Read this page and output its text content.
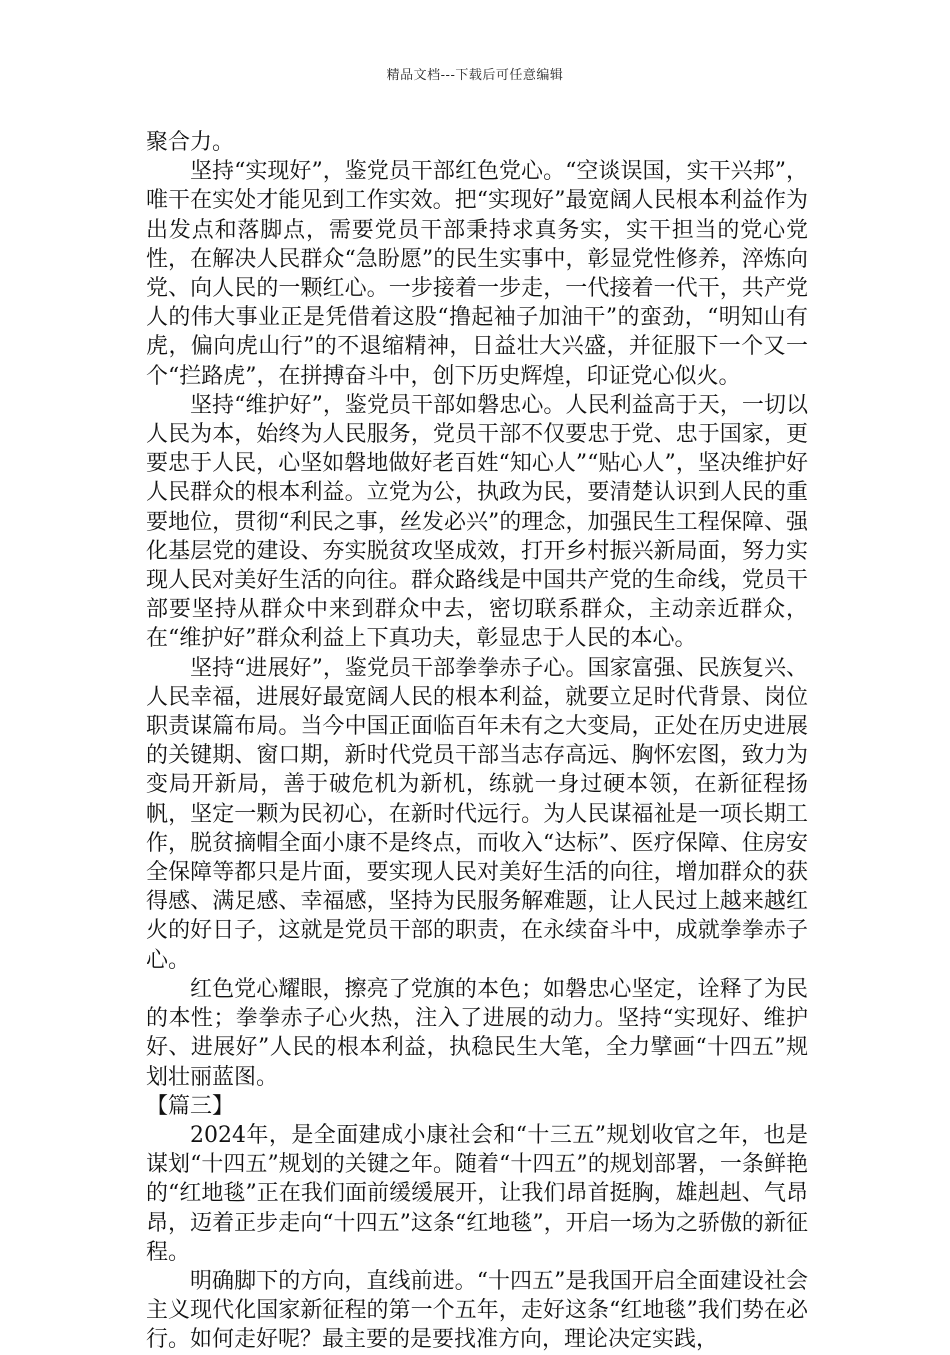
精品文档---下载后可任意编辑

聚合力。

坚持“实现好”，鉴党员干部红色党心。“空谈误国，实干兴邦”，唯干在实处才能见到工作实效。把“实现好”最宽阔人民根本利益作为出发点和落脚点，需要党员干部秉持求真务实，实干担当的党心党性，在解决人民群众“急盼愿”的民生实事中，彰显党性修养，淬炼向党、向人民的一颗红心。一步接着一步走，一代接着一代干，共产党人的伟大事业正是凭借着这股“撸起袖子加油干”的蛮劲，“明知山有虎，偏向虎山行”的不退缩精神，日益壮大兴盛，并征服下一个又一个“拦路虎”，在拼搏奋斗中，创下历史辉煌，印证党心似火。

坚持“维护好”，鉴党员干部如磐忠心。人民利益高于天，一切以人民为本，始终为人民服务，党员干部不仅要忠于党、忠于国家，更要忠于人民，心坚如磐地做好老百姓“知心人”“贴心人”，坚决维护好人民群众的根本利益。立党为公，执政为民，要清楚认识到人民的重要地位，贯彻“利民之事，丝发必兴”的理念，加强民生工程保障、强化基层党的建设、夯实脱贫攻坚成效，打开乡村振兴新局面，努力实现人民对美好生活的向往。群众路线是中国共产党的生命线，党员干部要坚持从群众中来到群众中去，密切联系群众，主动亲近群众，在“维护好”群众利益上下真功夫，彰显忠于人民的本心。

坚持“进展好”，鉴党员干部拳拳赤子心。国家富强、民族复兴、人民幸福，进展好最宽阔人民的根本利益，就要立足时代背景、岗位职责谋篇布局。当今中国正面临百年未有之大变局，正处在历史进展的关键期、窗口期，新时代党员干部当志存高远、胸怀宏图，致力为变局开新局，善于破危机为新机，练就一身过硬本领，在新征程扬帆，坚定一颗为民初心，在新时代远行。为人民谋福祉是一项长期工作，脱贫摘帽全面小康不是终点，而收入“达标”、医疗保障、住房安全保障等都只是片面，要实现人民对美好生活的向往，增加群众的获得感、满足感、幸福感，坚持为民服务解难题，让人民过上越来越红火的好日子，这就是党员干部的职责，在永续奋斗中，成就拳拳赤子心。

红色党心耀眼，擦亮了党旗的本色；如磐忠心坚定，诠释了为民的本性；拳拳赤子心火热，注入了进展的动力。坚持“实现好、维护好、进展好”人民的根本利益，执稳民生大笔，全力擘画“十四五”规划壮丽蓝图。

【篇三】

2024年，是全面建成小康社会和“十三五”规划收官之年，也是谋划“十四五”规划的关键之年。随着“十四五”的规划部署，一条鲜艳的“红地毯”正在我们面前缓缓展开，让我们昂首挺胸，雄赳赳、气昂昂，迈着正步走向“十四五”这条“红地毯”，开启一场为之骄傲的新征程。

明确脚下的方向，直线前进。“十四五”是我国开启全面建设社会主义现代化国家新征程的第一个五年，走好这条“红地毯”我们势在必行。如何走好呢？最主要的是要找准方向，理论决定实践，
